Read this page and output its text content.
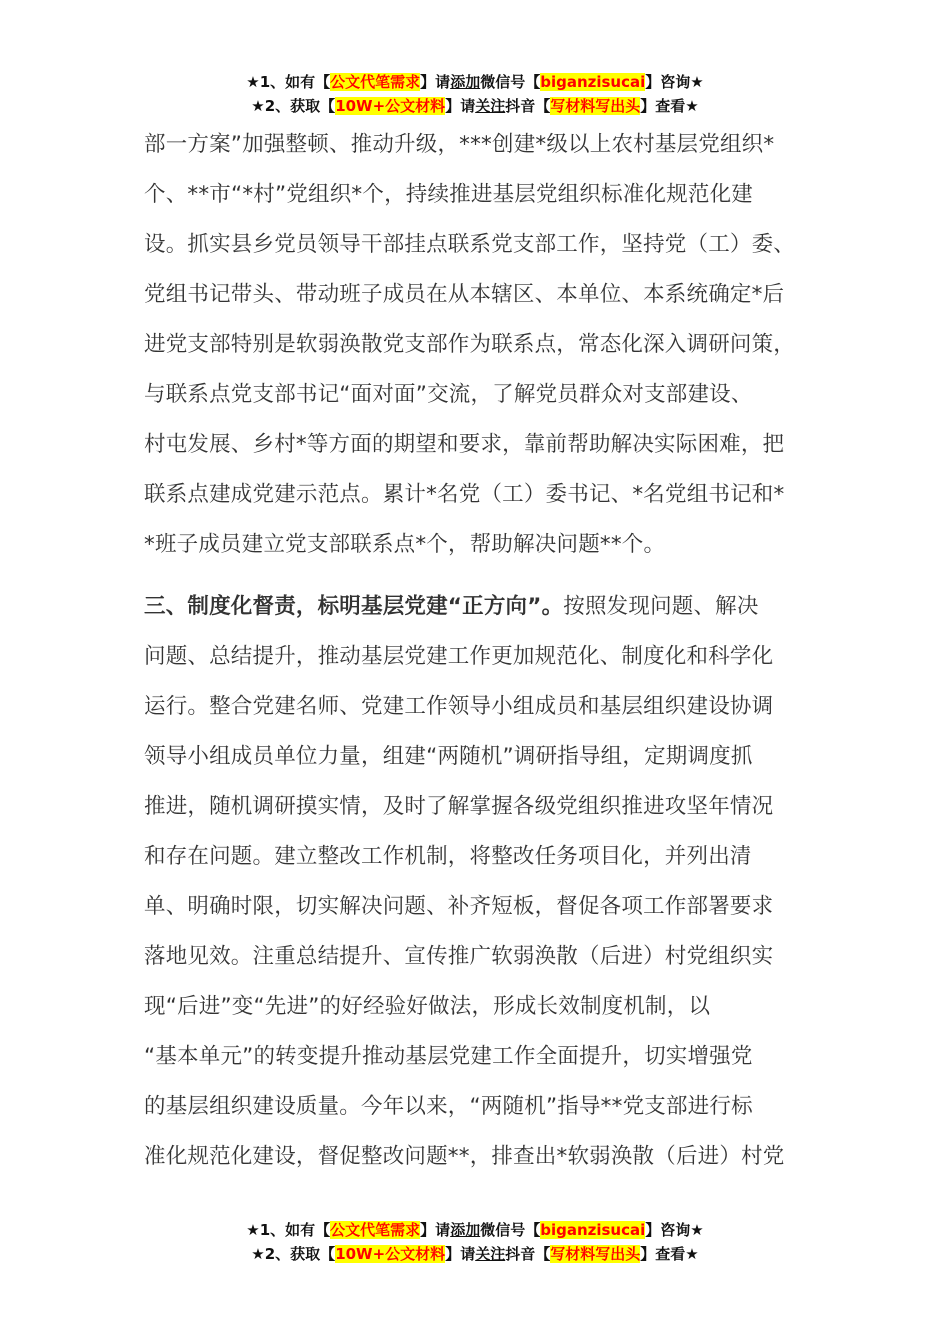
★1、如有【公文代笔需求】请添加微信号【biganzisucai】咨询★
★2、获取【10W+公文材料】请关注抖音【写材料写出头】查看★
部一方案”加强整顿、推动升级，***创建*级以上农村基层党组织*
个、**市“*村”党组织*个，持续推进基层党组织标准化规范化建
设。抓实县乡党员领导干部挂点联系党支部工作，坚持党（工）委、
党组书记带头、带动班子成员在从本辖区、本单位、本系统确定*后
进党支部特别是软弱涣散党支部作为联系点，常态化深入调研问策，
与联系点党支部书记“面对面”交流，了解党员群众对支部建设、
村屯发展、乡村*等方面的期望和要求，靠前帮助解决实际困难，把
联系点建成党建示范点。累计*名党（工）委书记、*名党组书记和*
*班子成员建立党支部联系点*个，帮助解决问题**个。
三、制度化督责，标明基层党建“正方向”。按照发现问题、解决
问题、总结提升，推动基层党建工作更加规范化、制度化和科学化
运行。整合党建名师、党建工作领导小组成员和基层组织建设协调
领导小组成员单位力量，组建“两随机”调研指导组，定期调度抓
推进，随机调研摸实情，及时了解掌握各级党组织推进攻坚年情况
和存在问题。建立整改工作机制，将整改任务项目化，并列出清
单、明确时限，切实解决问题、补齐短板，督促各项工作部署要求
落地见效。注重总结提升、宣传推广软弱涣散（后进）村党组织实
现“后进”变“先进”的好经验好做法，形成长效制度机制，以
“基本单元”的转变提升推动基层党建工作全面提升，切实增强党
的基层组织建设质量。今年以来，“两随机”指导**党支部进行标
准化规范化建设，督促整改问题**，排查出*软弱涣散（后进）村党
★1、如有【公文代笔需求】请添加微信号【biganzisucai】咨询★
★2、获取【10W+公文材料】请关注抖音【写材料写出头】查看★
